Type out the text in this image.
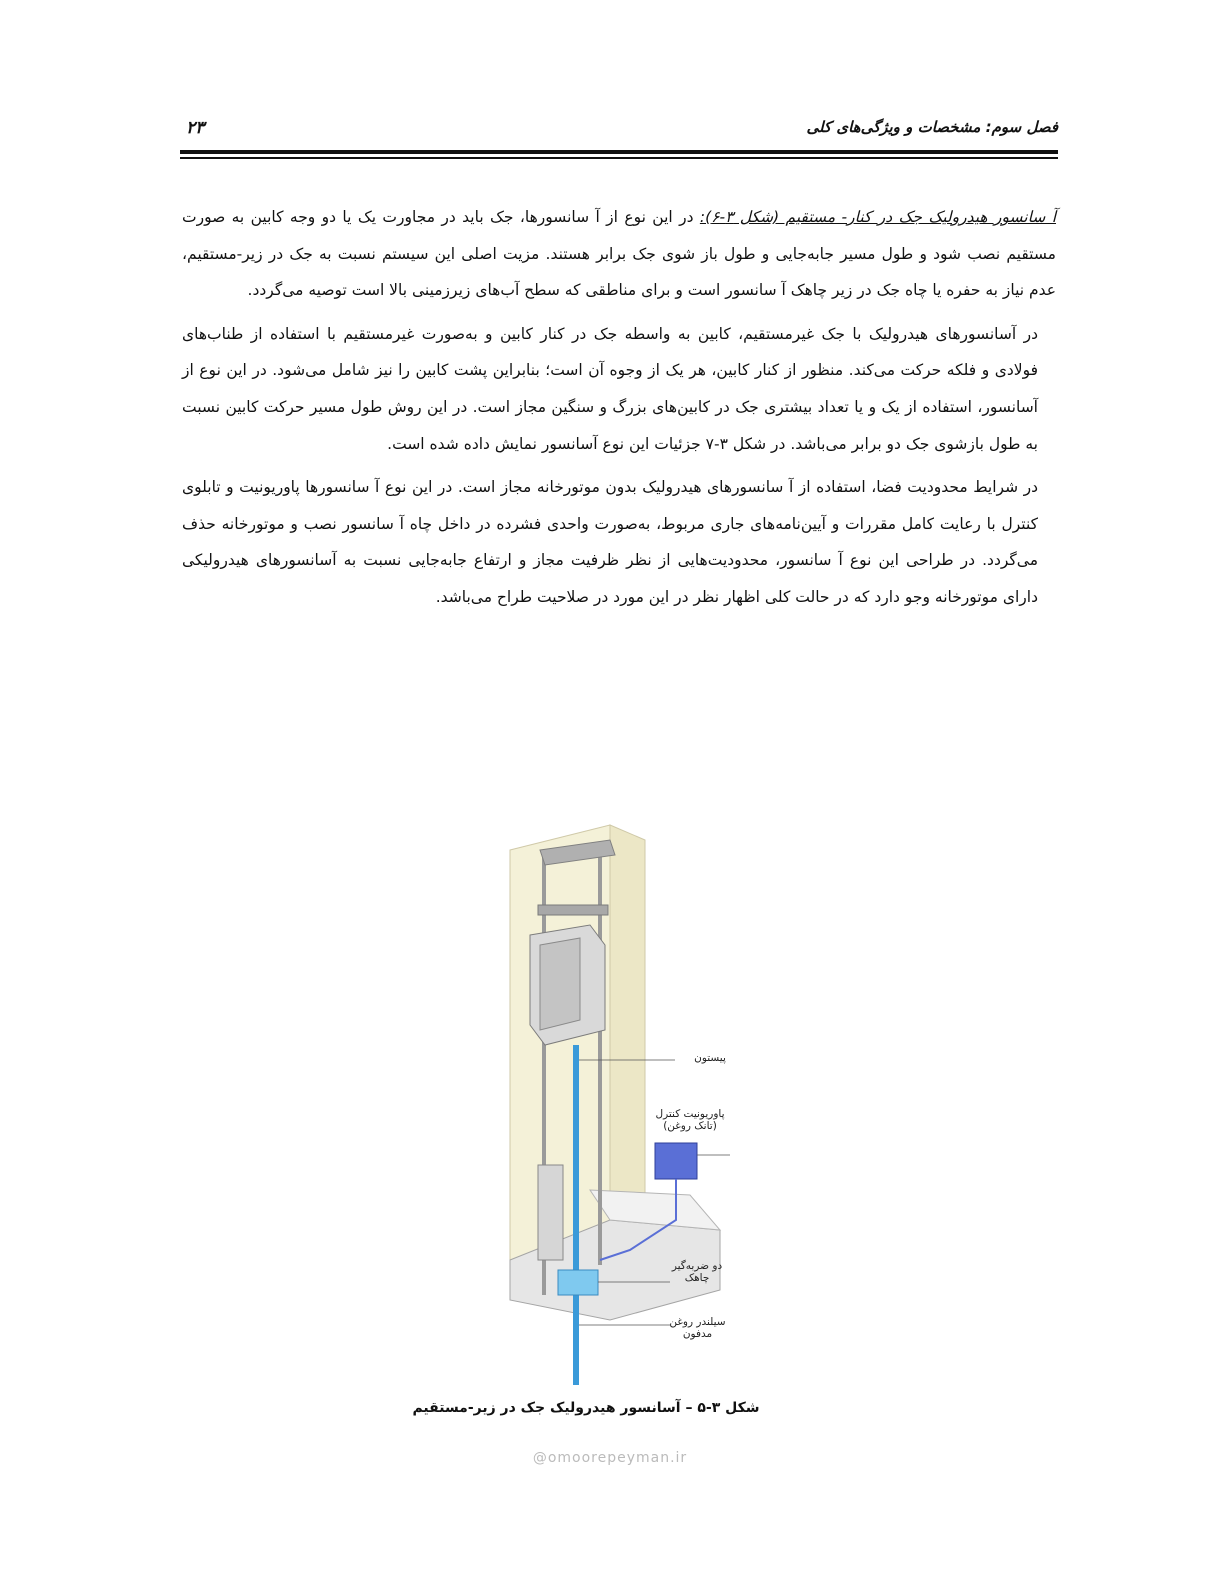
فصل سوم: مشخصات و ویژگی‌های کلی
۲۳

آ سانسور هیدرولیک جک در کنار- مستقیم (شکل ۳-۶): در این نوع از آ سانسورها، جک باید در مجاورت یک یا دو وجه کابین به صورت مستقیم نصب شود و طول مسیر جابه‌جایی و طول باز شوی جک برابر هستند. مزیت اصلی این سیستم نسبت به جک در زیر-مستقیم، عدم نیاز به حفره یا چاه جک در زیر چاهک آ سانسور است و برای مناطقی که سطح آب‌های زیرزمینی بالا است توصیه می‌گردد.

در آسانسورهای هیدرولیک با جک غیرمستقیم، کابین به واسطه جک در کنار کابین و به‌صورت غیرمستقیم با استفاده از طناب‌های فولادی و فلکه حرکت می‌کند. منظور از کنار کابین، هر یک از وجوه آن است؛ بنابراین پشت کابین را نیز شامل می‌شود. در این نوع از آسانسور، استفاده از یک و یا تعداد بیشتری جک در کابین‌های بزرگ و سنگین مجاز است. در این روش طول مسیر حرکت کابین نسبت به طول بازشوی جک دو برابر می‌باشد. در شکل ۳-۷ جزئیات این نوع آسانسور نمایش داده شده است.

در شرایط محدودیت فضا، استفاده از آ سانسورهای هیدرولیک بدون موتورخانه مجاز است. در این نوع آ سانسورها پاوریونیت و تابلوی کنترل با رعایت کامل مقررات و آیین‌نامه‌های جاری مربوط، به‌صورت واحدی فشرده در داخل چاه آ سانسور نصب و موتورخانه حذف می‌گردد. در طراحی این نوع آ سانسور، محدودیت‌هایی از نظر ظرفیت مجاز و ارتفاع جابه‌جایی نسبت به آسانسورهای هیدرولیکی دارای موتورخانه وجو دارد که در حالت کلی اظهار نظر در این مورد در صلاحیت طراح می‌باشد.

پیستون
پاوریونیت کنترل
(تانک روغن)
دو ضربه‌گیر
چاهک
سیلندر روغن
مدفون
شکل ۳-۵ – آسانسور هیدرولیک جک در زیر-مستقیم
@omoorepeyman.ir
